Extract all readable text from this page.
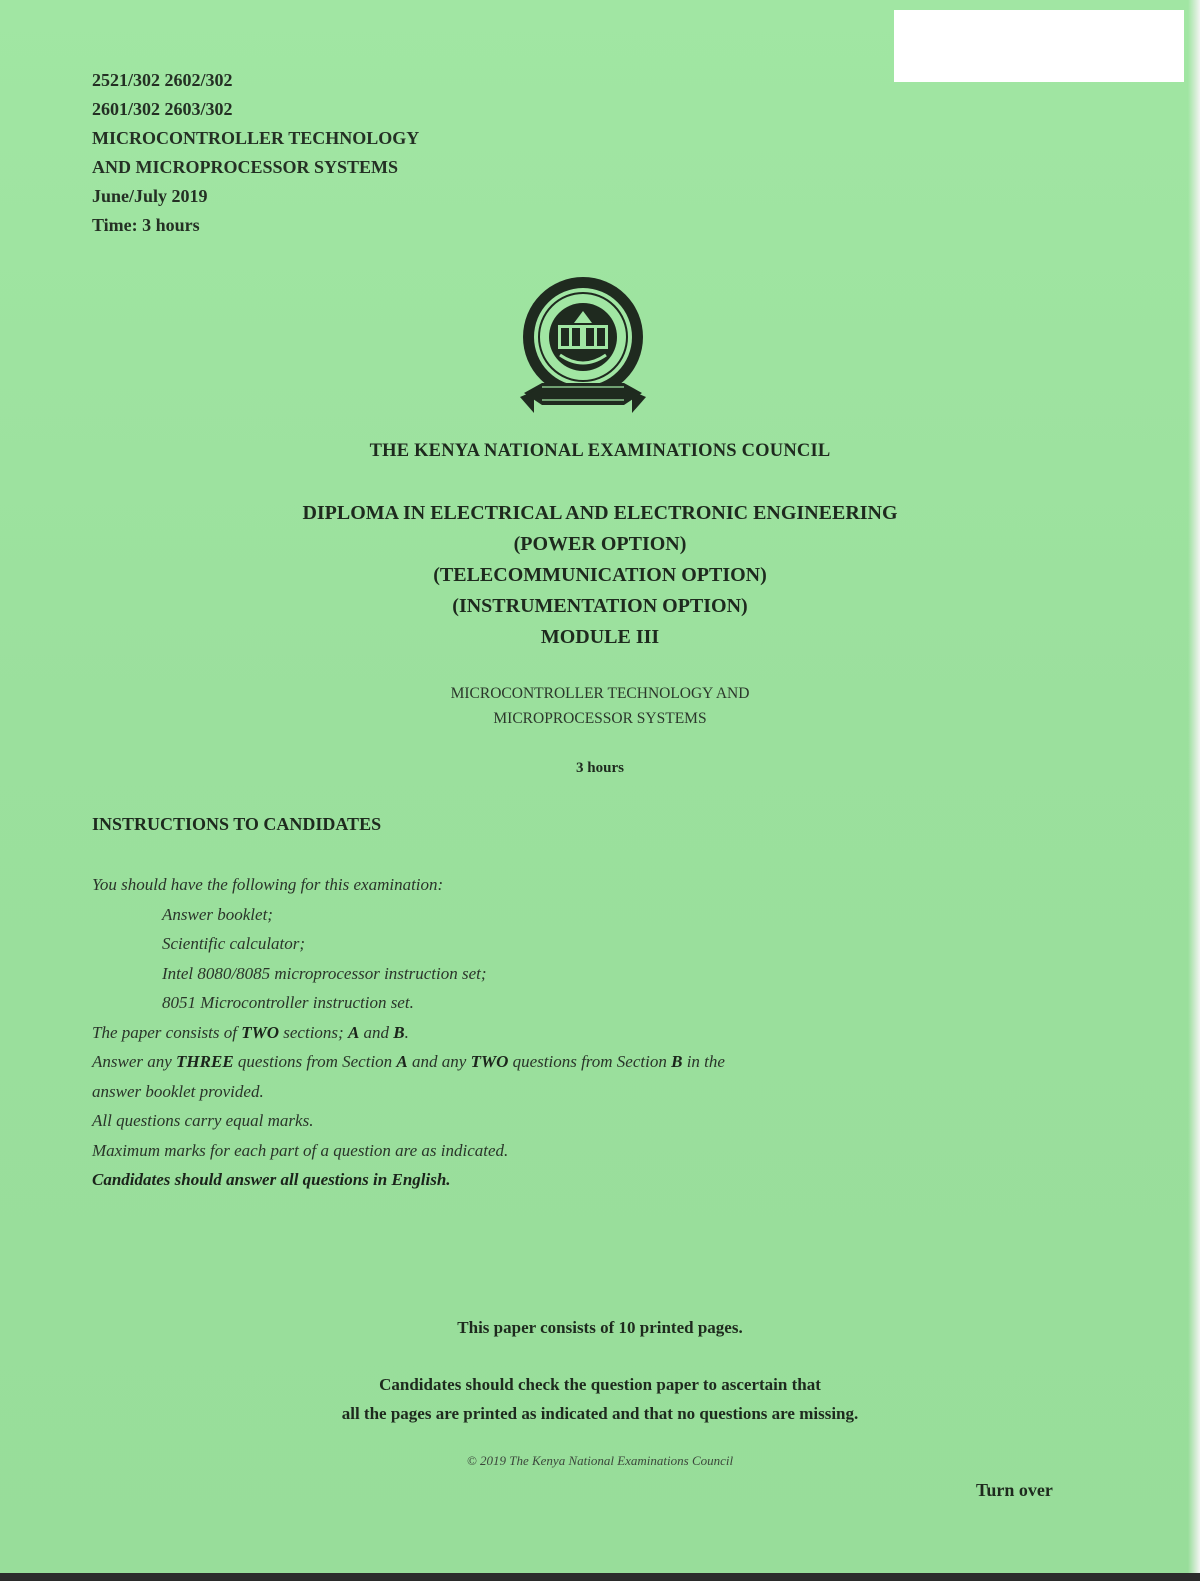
2521/302 2602/302
2601/302 2603/302
MICROCONTROLLER TECHNOLOGY
AND MICROPROCESSOR SYSTEMS
June/July 2019
Time: 3 hours
THE KENYA NATIONAL EXAMINATIONS COUNCIL
DIPLOMA IN ELECTRICAL AND ELECTRONIC ENGINEERING
(POWER OPTION)
(TELECOMMUNICATION OPTION)
(INSTRUMENTATION OPTION)
MODULE III
MICROCONTROLLER TECHNOLOGY AND
MICROPROCESSOR SYSTEMS
3 hours
INSTRUCTIONS TO CANDIDATES
You should have the following for this examination:
Answer booklet;
Scientific calculator;
Intel 8080/8085 microprocessor instruction set;
8051 Microcontroller instruction set.
The paper consists of TWO sections; A and B.
Answer any THREE questions from Section A and any TWO questions from Section B in the
answer booklet provided.
All questions carry equal marks.
Maximum marks for each part of a question are as indicated.
Candidates should answer all questions in English.
This paper consists of 10 printed pages.
Candidates should check the question paper to ascertain that
all the pages are printed as indicated and that no questions are missing.
© 2019 The Kenya National Examinations Council
Turn over
